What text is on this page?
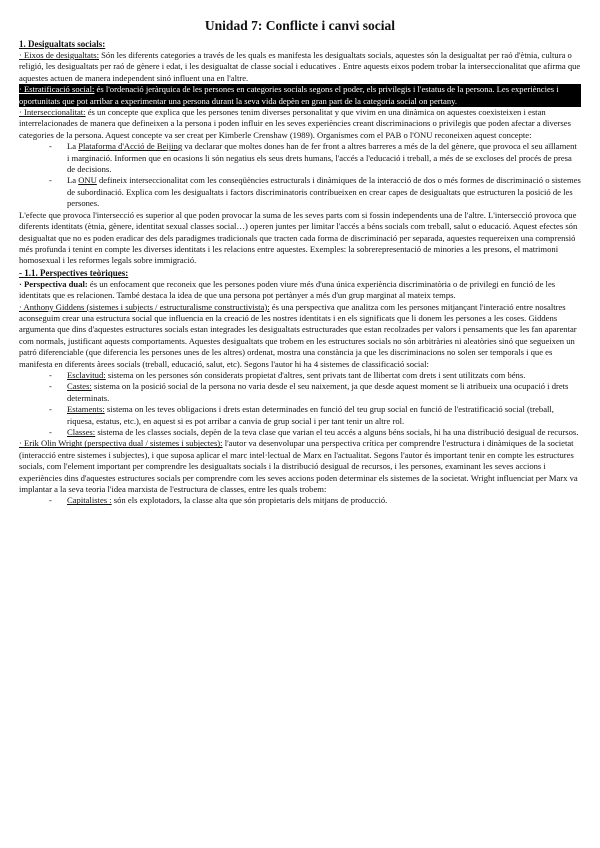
Unidad 7: Conflicte i canvi social
1. Desigualtats socials:

· Eixos de desigualtats: Són les diferents categories a través de les quals es manifesta les desigualtats socials, aquestes són la desigualtat per raó d'ètnia, cultura o religió, les desigualtats per raó de gènere i edat, i les desigualtat de classe social i educatives . Entre aquests eixos podem trobar la interseccionalitat que afirma que aquestes actuen de manera independent sinó influent una en l'altre.

· Estratificació social: és l'ordenació jeràrquica de les persones en categories socials segons el poder, els privilegis i l'estatus de la persona. Les experiències i oportunitats que pot arribar a experimentar una persona durant la seva vida depèn en gran part de la categoria social on pertany.

· Interseccionalitat: és un concepte que explica que les persones tenim diverses personalitat y que vivim en una dinàmica on aquestes coexisteixen i estan interrelacionades de manera que defineixen a la persona i poden influir en les seves experiències creant discriminacions o privilegis que poden afectar a diverses categories de la persona. Aquest concepte va ser creat per Kimberle Crenshaw (1989). Organismes com el PAB o l'ONU reconeixen aquest concepte:

- La Plataforma d'Acció de Beijing va declarar que moltes dones han de fer front a altres barreres a més de la del gènere, que provoca el seu aïllament i marginació. Informen que en ocasions li són negatius els seus drets humans, l'accés a l'educació i treball, a més de se excloses del procés de presa de decisions.
- La ONU defineix interseccionalitat com les conseqüències estructurals i dinàmiques de la interacció de dos o més formes de discriminació o sistemes de subordinació. Explica com les desigualtats i factors discriminatoris contribueixen en crear capes de desigualtats que estructuren la posició de les persones.

L'efecte que provoca l'intersecció es superior al que poden provocar la suma de les seves parts com si fossin independents una de l'altre. L'intersecció provoca que diferents identitats (ètnia, gènere, identitat sexual classes social…) operen juntes per limitar l'accés a béns socials com treball, salut o educació. Aquest efectes són desigualtat que no es poden eradicar des dels paradigmes tradicionals que tracten cada forma de discriminació per separada, aquestes requereixen una comprensió més profunda i tenint en compte les diverses identitats i les relacions entre aquestes. Exemples: la sobrerepresentació de minories a les presons, el matrimoni homosexual i les reformes legals sobre immigració.

- 1.1. Perspectives teòriques:

· Perspectiva dual: és un enfocament que reconeix que les persones poden viure més d'una única experiència discriminatòria o de privilegi en funció de les identitats que es relacionen. També destaca la idea de que una persona pot pertànyer a més d'un grup marginat al mateix temps.

· Anthony Giddens (sistemes i subjects / estructuralisme constructivista): és una perspectiva que analitza com les persones mitjançant l'interació entre nosaltres aconseguim crear una estructura social que influencia en la creació de les nostres identitats i en els significats que li donem les persones a les coses. Giddens argumenta que dins d'aquestes estructures socials estan integrades les desigualtats estructurades que estan recolzades per valors i pensaments que les fan aparentar com normals, justificant aquests comportaments. Aquestes desigualtats que trobem en les estructures socials no són arbitràries ni aleatòries sinó que segueixen un patró diferenciable (que diferencia les persones unes de les altres) ordenat, mostra una constància ja que les discriminacions no solen ser temporals i que es manifesta en diferents àrees socials (treball, educació, salut, etc). Segons l'autor hi ha 4 sistemes de classificació social:

- Esclavitud: sistema on les persones són considerats propietat d'altres, sent privats tant de llibertat com drets i sent utilitzats com béns.
- Castes: sistema on la posició social de la persona no varia desde el seu naixement, ja que desde aquest moment se li atribueix una ocupació i drets determinats.
- Estaments: sistema on les teves obligacions i drets estan determinades en funció del teu grup social en funció de l'estratificació social (treball, riquesa, estatus, etc.), en aquest si es pot arribar a canvia de grup social i per tant tenir un altre rol.
- Classes: sistema de les classes socials, depèn de la teva clase que varian el teu accés a alguns béns socials, hi ha una distribució desigual de recursos.

· Erik Olin Wright (perspectiva dual / sistemes i subjectes): l'autor va desenvolupar una perspectiva crítica per comprendre l'estructura i dinàmiques de la societat (interacció entre sistemes i subjectes), i que suposa aplicar el marc intel·lectual de Marx en l'actualitat. Segons l'autor és important tenir en compte les estructures socials, com l'element important per comprendre les desigualtats socials i la distribució desigual de recursos, i les persones, examinant les seves accions i experiències dins d'aquestes estructures socials per comprendre com les seves accions poden determinar els sistemes de la societat. Wright influenciat per Marx va implantar a la seva teoria l'idea marxista de l'estructura de classes, entre les quals trobem:

- Capitalistes : són els explotadors, la classe alta que són propietaris dels mitjans de producció.
